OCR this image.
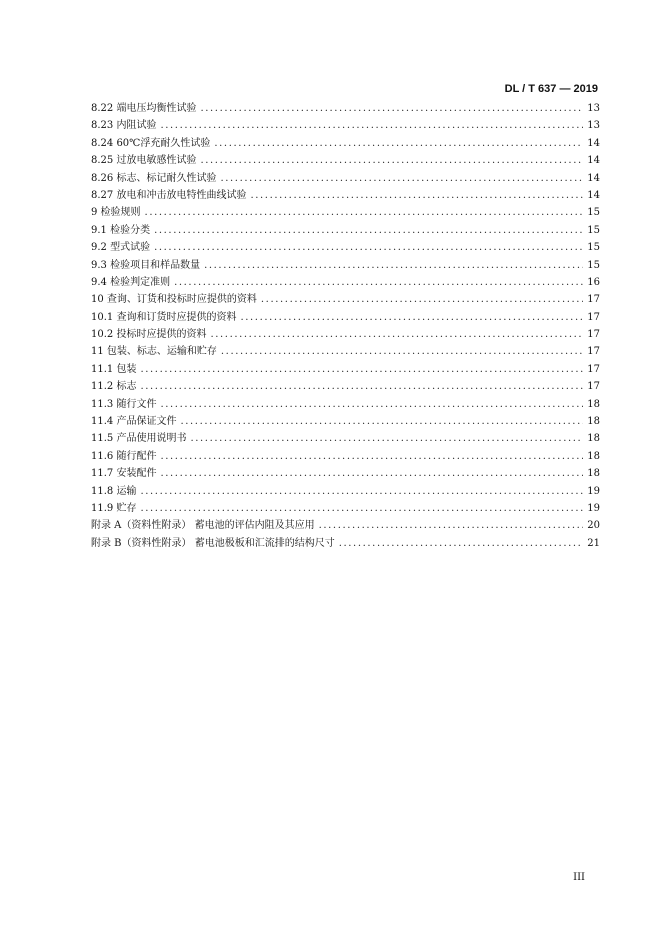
DL / T 637 — 2019
8.22 端电压均衡性试验 .....	13
8.23 内阻试验 .....	13
8.24 60℃浮充耐久性试验 .....	14
8.25 过放电敏感性试验 .....	14
8.26 标志、标记耐久性试验 .....	14
8.27 放电和冲击放电特性曲线试验 .....	14
9 检验规则 .....	15
9.1 检验分类 .....	15
9.2 型式试验 .....	15
9.3 检验项目和样品数量 .....	15
9.4 检验判定准则 .....	16
10 查询、订货和投标时应提供的资料 .....	17
10.1 查询和订货时应提供的资料 .....	17
10.2 投标时应提供的资料 .....	17
11 包装、标志、运输和贮存 .....	17
11.1 包装 .....	17
11.2 标志 .....	17
11.3 随行文件 .....	18
11.4 产品保证文件 .....	18
11.5 产品使用说明书 .....	18
11.6 随行配件 .....	18
11.7 安装配件 .....	18
11.8 运输 .....	19
11.9 贮存 .....	19
附录 A（资料性附录） 蓄电池的评估内阻及其应用 .....	20
附录 B（资料性附录） 蓄电池极板和汇流排的结构尺寸 .....	21
III
